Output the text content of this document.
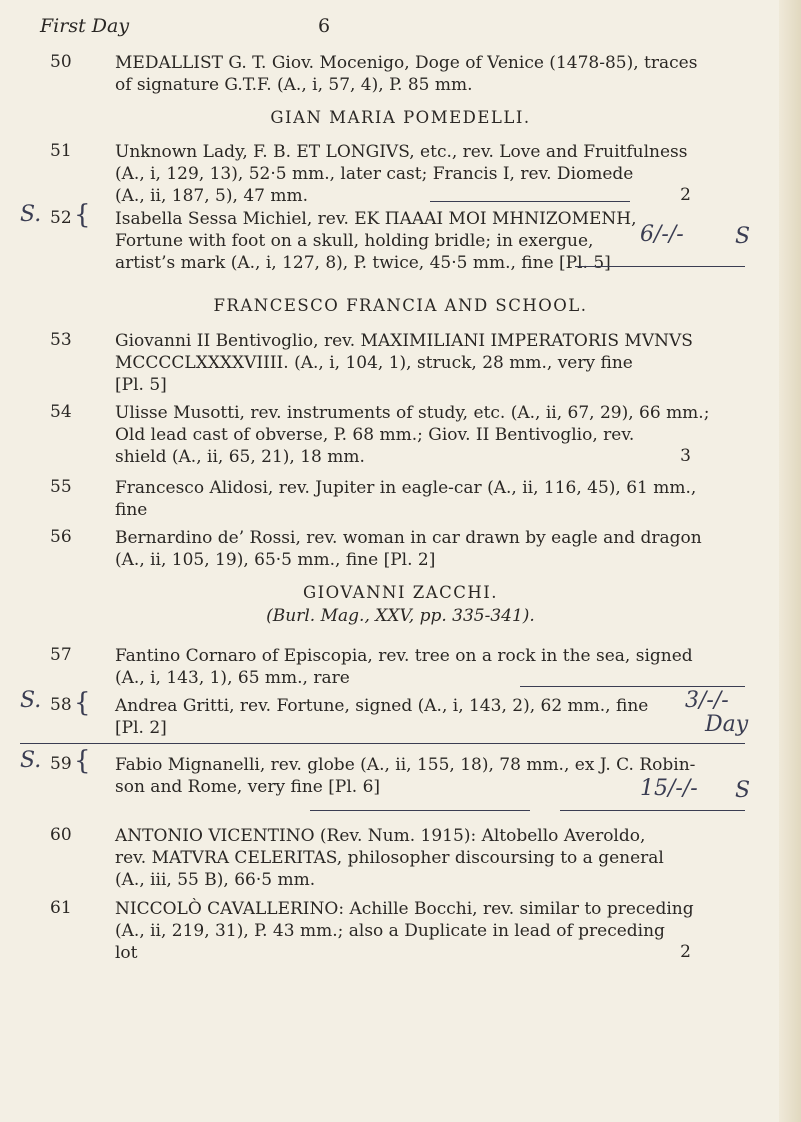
First Day	6
50	MEDALLIST G. T. Giov. Mocenigo, Doge of Venice (1478-85), traces
of signature G.T.F. (A., i, 57, 4), P. 85 mm.
GIAN MARIA POMEDELLI.
51	Unknown Lady, F. B. ET LONGIVS, etc., rev. Love and Fruitfulness
(A., i, 129, 13), 52·5 mm., later cast; Francis I, rev. Diomede
(A., ii, 187, 5), 47 mm.	2
S. 52 { Isabella Sessa Michiel, rev. ΕΚ ΠΑΑΑΙ ΜΟΙ ΜΗΝΙΖΟΜΕΝΗ,
Fortune with foot on a skull, holding bridle; in exergue,
artist’s mark (A., i, 127, 8), P. twice, 45·5 mm., fine [Pl. 5]
6/-/- S
FRANCESCO FRANCIA AND SCHOOL.
53	Giovanni II Bentivoglio, rev. MAXIMILIANI IMPERATORIS MVNVS
MCCCCLXXXXVIIII. (A., i, 104, 1), struck, 28 mm., very fine
[Pl. 5]
54	Ulisse Musotti, rev. instruments of study, etc. (A., ii, 67, 29), 66 mm.;
Old lead cast of obverse, P. 68 mm.; Giov. II Bentivoglio, rev.
shield (A., ii, 65, 21), 18 mm.	3
55	Francesco Alidosi, rev. Jupiter in eagle-car (A., ii, 116, 45), 61 mm.,
fine
56	Bernardino de’ Rossi, rev. woman in car drawn by eagle and dragon
(A., ii, 105, 19), 65·5 mm., fine [Pl. 2]
GIOVANNI ZACCHI.
(Burl. Mag., XXV, pp. 335-341).
57	Fantino Cornaro of Episcopia, rev. tree on a rock in the sea, signed
(A., i, 143, 1), 65 mm., rare
S. 58 { Andrea Gritti, rev. Fortune, signed (A., i, 143, 2), 62 mm., fine
[Pl. 2]
3/-/-
Day
S. 59 { Fabio Mignanelli, rev. globe (A., ii, 155, 18), 78 mm., ex J. C. Robin-
son and Rome, very fine [Pl. 6]	15/-/- S
60	ANTONIO VICENTINO (Rev. Num. 1915): Altobello Averoldo,
rev. MATVRA CELERITAS, philosopher discoursing to a general
(A., iii, 55 B), 66·5 mm.
61	NICCOLÒ CAVALLERINO: Achille Bocchi, rev. similar to preceding
(A., ii, 219, 31), P. 43 mm.; also a Duplicate in lead of preceding
lot	2
